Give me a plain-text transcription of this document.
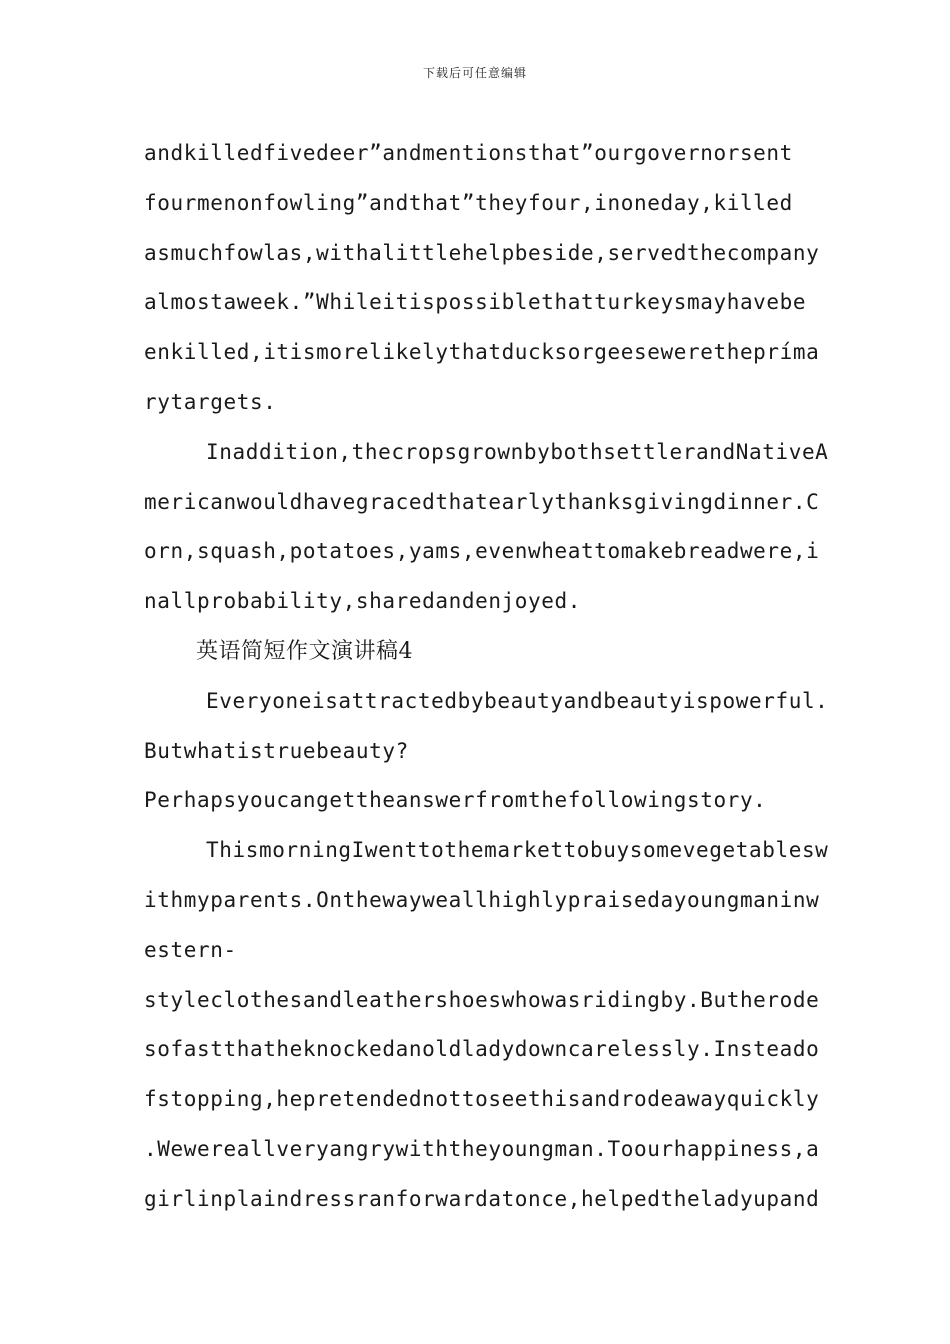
下载后可任意编辑
andkilledfivedeer”andmentionsthat”ourgovernorsent
fourmenonfowling”andthat”theyfour,inoneday,killed
asmuchfowlas,withalittlehelpbeside,servedthecompany
almostaweek.”Whileitispossiblethatturkeysmayhavebe
enkilled,itismorelikelythatducksorgeesewerethepríma
rytargets.
Inaddition,thecropsgrownbybothsettlerandNativeA
mericanwouldhavegracedthatearlythanksgivingdinner.C
orn,squash,potatoes,yams,evenwheattomakebreadwere,i
nallprobability,sharedandenjoyed.
英语简短作文演讲稿4
Everyoneisattractedbybeautyandbeautyispowerful.
Butwhatistruebeauty?
Perhapsyoucangettheanswerfromthefollowingstory.
ThismorningIwenttothemarkettobuysomevegetablesw
ithmyparents.Onthewayweallhighlypraisedayoungmaninw
estern-
styleclothesandleathershoeswhowasridingby.Butherode
sofastthatheknockedanoldladydowncarelessly.Insteado
fstopping,hepretendednottoseethisandrodeawayquickly
.Wewereallveryangrywiththeyoungman.Toourhappiness,a
girlinplaindressranforwardatonce,helpedtheladyupand
